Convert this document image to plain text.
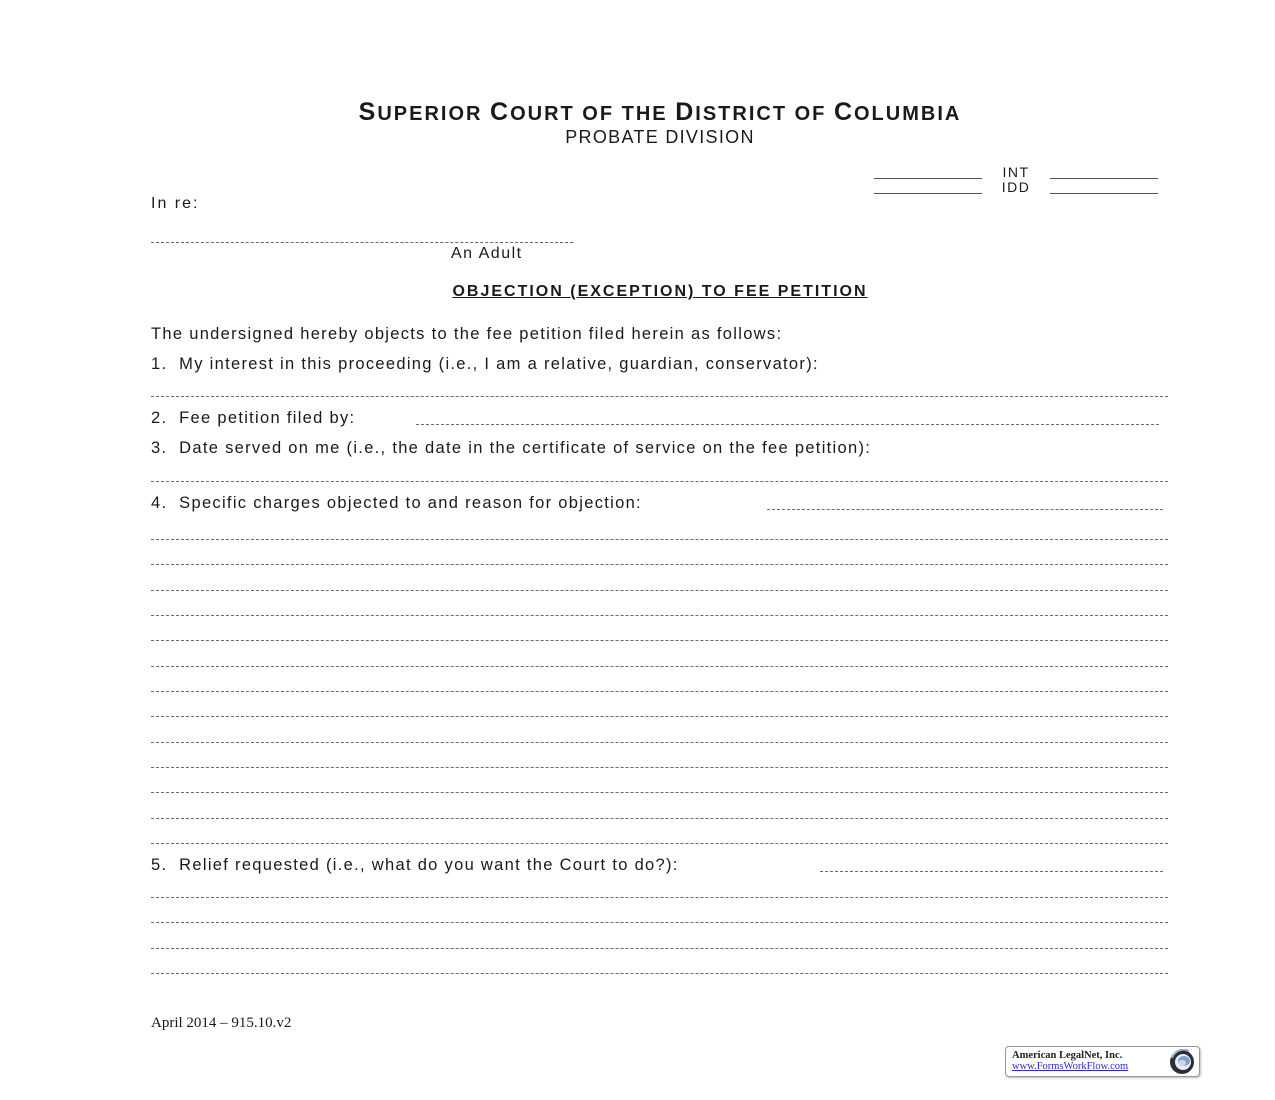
SUPERIOR COURT OF THE DISTRICT OF COLUMBIA
PROBATE DIVISION
INT
IDD
In re:
An Adult
OBJECTION (EXCEPTION) TO FEE PETITION
The undersigned hereby objects to the fee petition filed herein as follows:
1. My interest in this proceeding (i.e., I am a relative, guardian, conservator):
2.
Fee petition filed by:
3. Date served on me (i.e., the date in the certificate of service on the fee petition):
4. Specific charges objected to and reason for objection:
5. Relief requested (i.e., what do you want the Court to do?):
April 2014 – 915.10.v2
American LegalNet, Inc.
www.FormsWorkFlow.com
